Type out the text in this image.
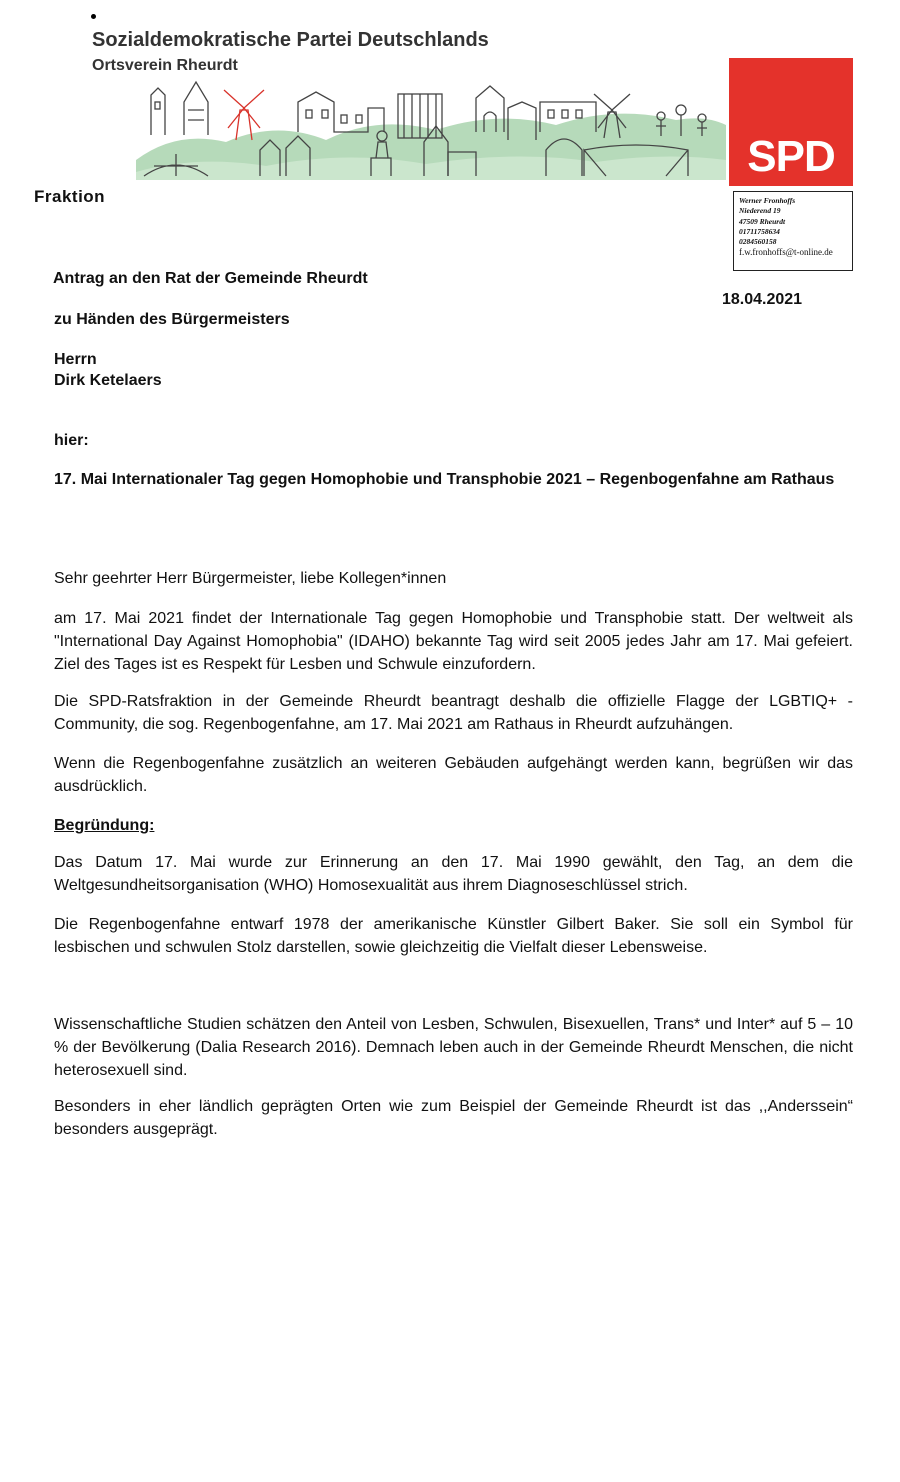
Sozialdemokratische Partei Deutschlands
Ortsverein Rheurdt
SPD
Fraktion	Werner Fronhoffs
Niederend 19
47509 Rheurdt
01711758634
0284560158
f.w.fronhoffs@t-online.de
18.04.2021
Antrag an den Rat der Gemeinde Rheurdt
zu Händen des Bürgermeisters
Herrn
Dirk Ketelaers
hier:
17. Mai Internationaler Tag gegen Homophobie und Transphobie 2021 – Regenbogenfahne am Rathaus
Sehr geehrter Herr Bürgermeister, liebe Kollegen*innen
am 17. Mai 2021 findet der Internationale Tag gegen Homophobie und Transphobie statt. Der weltweit als "International Day Against Homophobia" (IDAHO) bekannte Tag wird seit 2005 jedes Jahr am 17. Mai gefeiert. Ziel des Tages ist es Respekt für Lesben und Schwule einzufordern.
Die SPD-Ratsfraktion in der Gemeinde Rheurdt beantragt deshalb die offizielle Flagge der LGBTIQ+ -Community, die sog. Regenbogenfahne, am 17. Mai 2021 am Rathaus in Rheurdt aufzuhängen.
Wenn die Regenbogenfahne zusätzlich an weiteren Gebäuden aufgehängt werden kann, begrüßen wir das ausdrücklich.
Begründung:
Das Datum 17. Mai wurde zur Erinnerung an den 17. Mai 1990 gewählt, den Tag, an dem die Weltgesundheitsorganisation (WHO) Homosexualität aus ihrem Diagnoseschlüssel strich.
Die Regenbogenfahne entwarf 1978 der amerikanische Künstler Gilbert Baker. Sie soll ein Symbol für lesbischen und schwulen Stolz darstellen, sowie gleichzeitig die Vielfalt dieser Lebensweise.
Wissenschaftliche Studien schätzen den Anteil von Lesben, Schwulen, Bisexuellen, Trans* und Inter* auf 5 – 10 % der Bevölkerung (Dalia Research 2016). Demnach leben auch in der Gemeinde Rheurdt Menschen, die nicht heterosexuell sind.
Besonders in eher ländlich geprägten Orten wie zum Beispiel der Gemeinde Rheurdt ist das ,,Anderssein“ besonders ausgeprägt.
